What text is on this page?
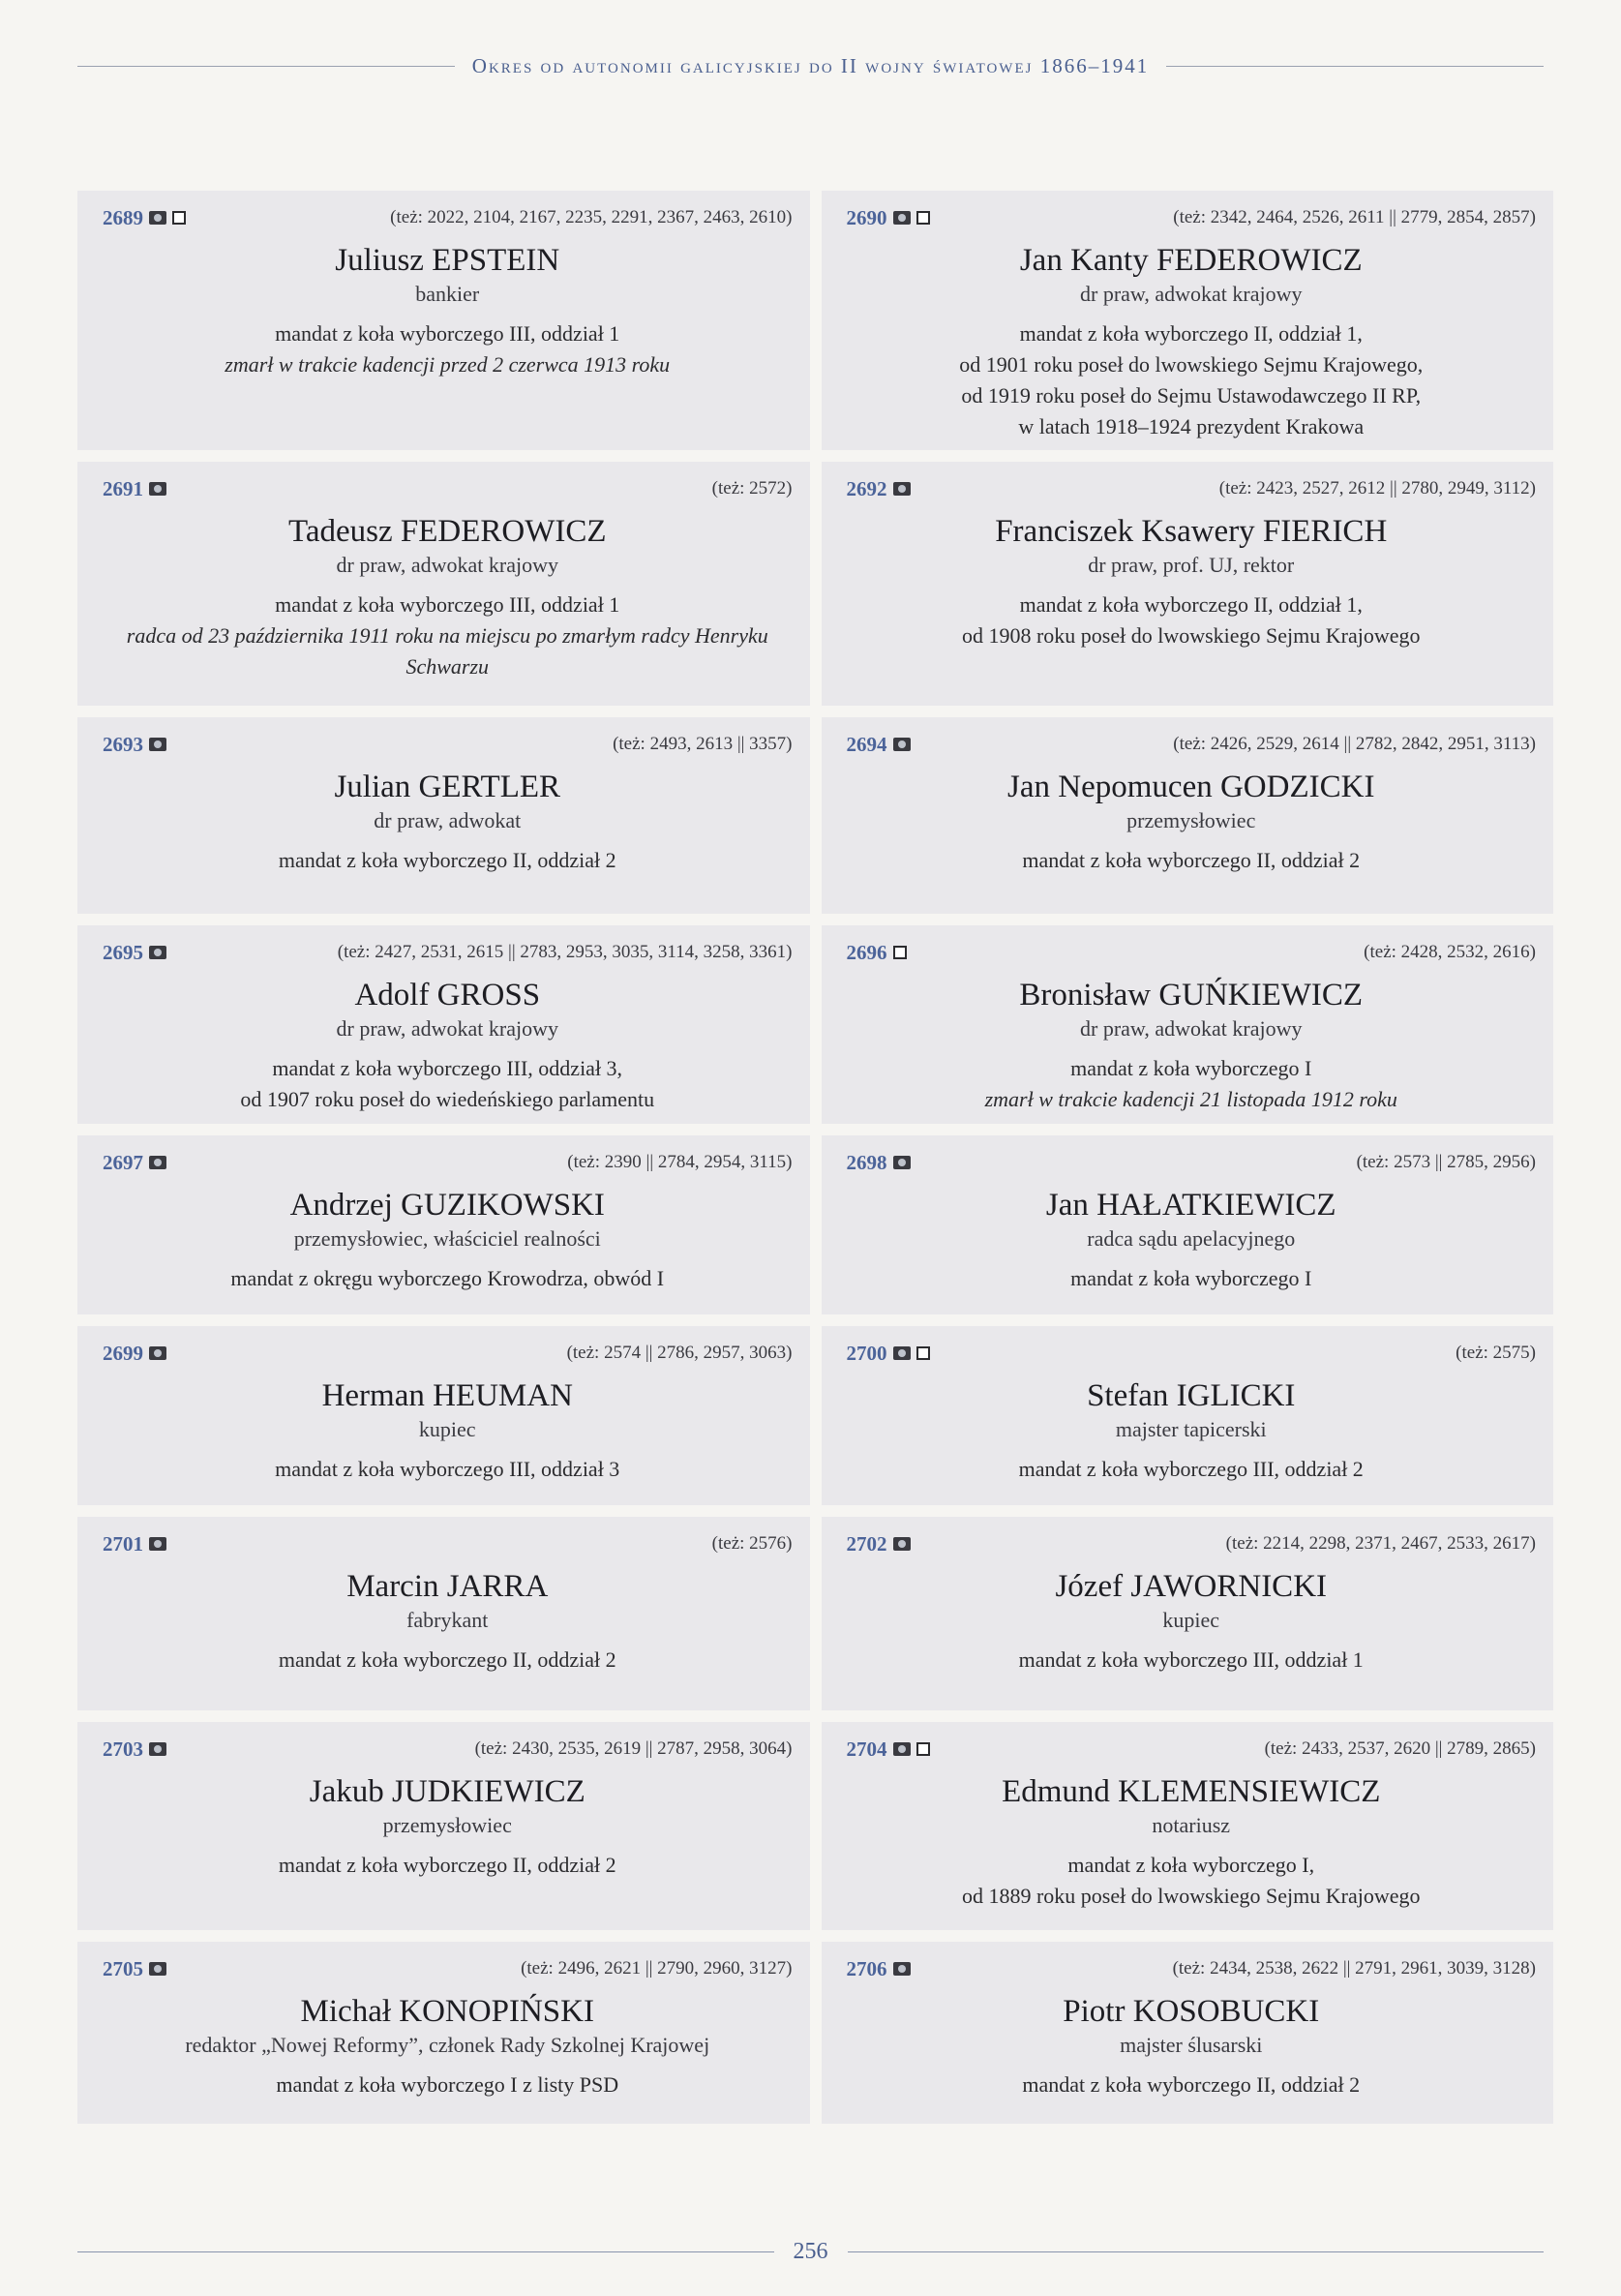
Okres od autonomii galicyjskiej do II wojny światowej 1866–1941
2689	(też: 2022, 2104, 2167, 2235, 2291, 2367, 2463, 2610)
Juliusz EPSTEIN
bankier
mandat z koła wyborczego III, oddział 1
zmarł w trakcie kadencji przed 2 czerwca 1913 roku
2690	(też: 2342, 2464, 2526, 2611 || 2779, 2854, 2857)
Jan Kanty FEDEROWICZ
dr praw, adwokat krajowy
mandat z koła wyborczego II, oddział 1,
od 1901 roku poseł do lwowskiego Sejmu Krajowego,
od 1919 roku poseł do Sejmu Ustawodawczego II RP,
w latach 1918–1924 prezydent Krakowa
2691	(też: 2572)
Tadeusz FEDEROWICZ
dr praw, adwokat krajowy
mandat z koła wyborczego III, oddział 1
radca od 23 października 1911 roku na miejscu po zmarłym radcy Henryku Schwarzu
2692	(też: 2423, 2527, 2612 || 2780, 2949, 3112)
Franciszek Ksawery FIERICH
dr praw, prof. UJ, rektor
mandat z koła wyborczego II, oddział 1,
od 1908 roku poseł do lwowskiego Sejmu Krajowego
2693	(też: 2493, 2613 || 3357)
Julian GERTLER
dr praw, adwokat
mandat z koła wyborczego II, oddział 2
2694	(też: 2426, 2529, 2614 || 2782, 2842, 2951, 3113)
Jan Nepomucen GODZICKI
przemysłowiec
mandat z koła wyborczego II, oddział 2
2695	(też: 2427, 2531, 2615 || 2783, 2953, 3035, 3114, 3258, 3361)
Adolf GROSS
dr praw, adwokat krajowy
mandat z koła wyborczego III, oddział 3,
od 1907 roku poseł do wiedeńskiego parlamentu
2696	(też: 2428, 2532, 2616)
Bronisław GUŃKIEWICZ
dr praw, adwokat krajowy
mandat z koła wyborczego I
zmarł w trakcie kadencji 21 listopada 1912 roku
2697	(też: 2390 || 2784, 2954, 3115)
Andrzej GUZIKOWSKI
przemysłowiec, właściciel realności
mandat z okręgu wyborczego Krowodrza, obwód I
2698	(też: 2573 || 2785, 2956)
Jan HAŁATKIEWICZ
radca sądu apelacyjnego
mandat z koła wyborczego I
2699	(też: 2574 || 2786, 2957, 3063)
Herman HEUMAN
kupiec
mandat z koła wyborczego III, oddział 3
2700	(też: 2575)
Stefan IGLICKI
majster tapicerski
mandat z koła wyborczego III, oddział 2
2701	(też: 2576)
Marcin JARRA
fabrykant
mandat z koła wyborczego II, oddział 2
2702	(też: 2214, 2298, 2371, 2467, 2533, 2617)
Józef JAWORNICKI
kupiec
mandat z koła wyborczego III, oddział 1
2703	(też: 2430, 2535, 2619 || 2787, 2958, 3064)
Jakub JUDKIEWICZ
przemysłowiec
mandat z koła wyborczego II, oddział 2
2704	(też: 2433, 2537, 2620 || 2789, 2865)
Edmund KLEMENSIEWICZ
notariusz
mandat z koła wyborczego I,
od 1889 roku poseł do lwowskiego Sejmu Krajowego
2705	(też: 2496, 2621 || 2790, 2960, 3127)
Michał KONOPIŃSKI
redaktor „Nowej Reformy”, członek Rady Szkolnej Krajowej
mandat z koła wyborczego I z listy PSD
2706	(też: 2434, 2538, 2622 || 2791, 2961, 3039, 3128)
Piotr KOSOBUCKI
majster ślusarski
mandat z koła wyborczego II, oddział 2
256
